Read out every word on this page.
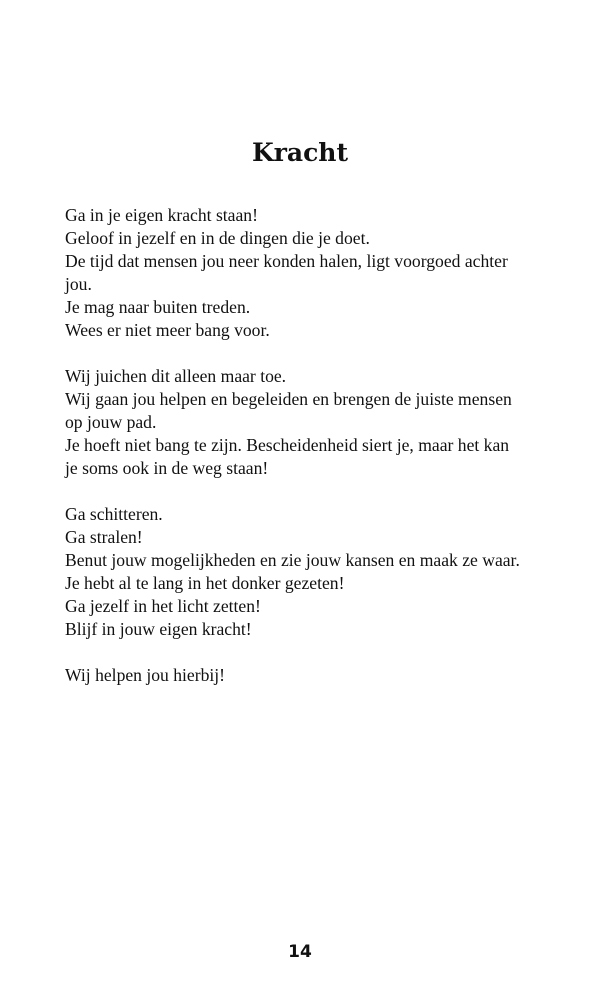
Kracht
Ga in je eigen kracht staan!
Geloof in jezelf en in de dingen die je doet.
De tijd dat mensen jou neer konden halen, ligt voorgoed achter
jou.
Je mag naar buiten treden.
Wees er niet meer bang voor.
Wij juichen dit alleen maar toe.
Wij gaan jou helpen en begeleiden en brengen de juiste mensen
op jouw pad.
Je hoeft niet bang te zijn. Bescheidenheid siert je, maar het kan
je soms ook in de weg staan!
Ga schitteren.
Ga stralen!
Benut jouw mogelijkheden en zie jouw kansen en maak ze waar.
Je hebt al te lang in het donker gezeten!
Ga jezelf in het licht zetten!
Blijf in jouw eigen kracht!
Wij helpen jou hierbij!
14
